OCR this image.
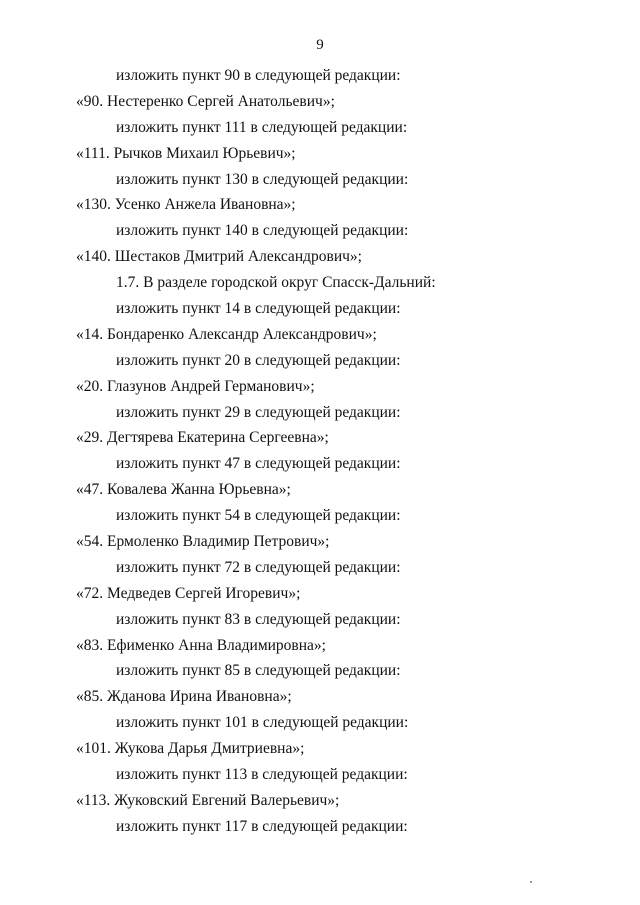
9
изложить пункт 90 в следующей редакции:
«90. Нестеренко Сергей Анатольевич»;
изложить пункт 111 в следующей редакции:
«111. Рычков Михаил Юрьевич»;
изложить пункт 130 в следующей редакции:
«130. Усенко Анжела Ивановна»;
изложить пункт 140 в следующей редакции:
«140. Шестаков Дмитрий Александрович»;
1.7. В разделе городской округ Спасск-Дальний:
изложить пункт 14 в следующей редакции:
«14. Бондаренко Александр Александрович»;
изложить пункт 20 в следующей редакции:
«20. Глазунов Андрей Германович»;
изложить пункт 29 в следующей редакции:
«29. Дегтярева Екатерина Сергеевна»;
изложить пункт 47 в следующей редакции:
«47. Ковалева Жанна Юрьевна»;
изложить пункт 54 в следующей редакции:
«54. Ермоленко Владимир Петрович»;
изложить пункт 72 в следующей редакции:
«72. Медведев Сергей Игоревич»;
изложить пункт 83 в следующей редакции:
«83. Ефименко Анна Владимировна»;
изложить пункт 85 в следующей редакции:
«85. Жданова Ирина Ивановна»;
изложить пункт 101 в следующей редакции:
«101. Жукова Дарья Дмитриевна»;
изложить пункт 113 в следующей редакции:
«113. Жуковский Евгений Валерьевич»;
изложить пункт 117 в следующей редакции:
